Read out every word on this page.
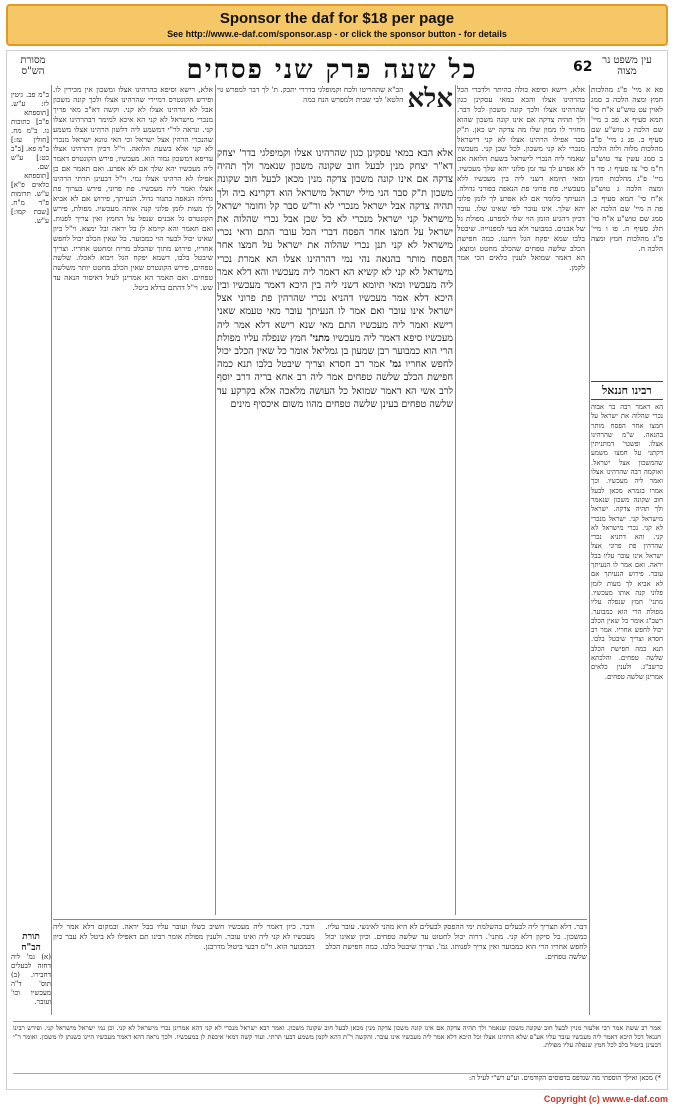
Sponsor the daf for $18 per page
See http://www.e-daf.com/sponsor.asp - or click the sponsor button - for details
מסורת הש"ס	כל שעה פרק שני פסחים	62 עין משפט נר מצוה
פא א מיי' פ"ג מהלכות חמץ ומצה הלכה ב סמג לאוין עט טוש"ע א"ח סי' תמא סעיף א. פב ב מיי' שם הלכה ג טוש"ע שם סעיף ב. פג ג מיי' פ"ב מהלכות מלוה ולוה הלכה ב סמג עשין צד טוש"ע ח"מ סי' צז סעיף ו. פד ד מיי' פ"ג מהלכות חמץ ומצה הלכה ג טוש"ע א"ח סי' תמא סעיף ב. פה ה מיי' שם הלכה יא סמג שם טוש"ע א"ח סי' תלג סעיף ח. פו ו מיי' פ"ג מהלכות חמץ ומצה הלכה ח.
רבינו חננאל
הא דאמר רבה בר אבוה נכרי שהלוה את ישראל על חמצו אחר הפסח מותר בהנאה. ש"מ שהרהינו אצלו. ופשטי' דמתניתין דקתני על חמצו משמע שהמשכון אצל ישראל. ואוקמה רבה שהרהינו אצלו ואמר ליה מעכשיו. וכך אמרו בגמרא מכאן לבעל חוב שקונה משכון שנאמר ולך תהיה צדקה. ישראל מישראל קני. ישראל מנכרי לא קני. נכרי מישראל לא קני. והא דתניא נכרי שהרהין פת פרוני אצל ישראל אינו עובר עליו בבל יראה. ואם אמר לו הנעיתך עובר. פירוש הנעיתך אם לא אביא לך מעות לזמן פלוני קנה אותו מעכשיו. מתני' חמץ שנפלה עליו מפולת הרי הוא כמבוער. רשב"ג אומר כל שאין הכלב יכול לחפש אחריו. אמר רב חסדא וצריך שיבטל בלבו. תנא כמה חפישת הכלב שלשה טפחים. והלכתא כרשב"ג. ולענין כלאים אמרינן שלשה טפחים.
אלא, רישא וסיפא כולה בהיתר ולדברי הכל בהרהינו אצלו והכא במאי עסקינן כגון שהרהינו אצלו ולכך קונה משכון לכל דבר. ולך תהיה צדקה אם אינו קונה משכון שהוא מחזיר לו ממון שלו מה צדקה יש כאן. ת"ק סבר אפילו הרהינו אצלו לא קני דישראל מנכרי לא קני משכון. לכל שכן קני. מעכשיו שאמר ליה הנכרי לישראל בשעת הלואה אם לא אפרע לך עד זמן פלוני יהא שלך מעכשיו. ומאי תיומא דשני ליה בין מעכשיו ללא מעכשיו. פת פרוני פת הנאפה בפורני גדולה. הנעיתך כלומר אם לא אפרע לך לזמן פלוני יהא שלך. אינו עובר לפי שאינו שלו. עובר דכיון דהגיע הזמן הוי שלו למפרע. מפולת גל של אבנים. כמבוער ולא בעי למפנוייה. שיבטל בלבו שמא יפקח הגל ויתננו. כמה חפישת הכלב שלשה טפחים שהכלב מחטט ומוצא. הא דאמר שמואל לענין כלאים הכי אמר לקמן.
אלא
הכ"א שההריטו ולכח וקמופלגי בדררי יתבק. ת' לך דבר למפרש גוי הלטא' לבי שבית ולמפרש הנח במה
אלא הבא במאי עסקינן כגון שהרהינו אצלו וקמיפלגי בדר' יצחק דא"ר יצחק מנין לבעל חוב שקונה משכון שנאמר ולך תהיה צדקה אם אינו קונה משכון צדקה מנין מכאן לבעל חוב שקונה משכון ת"ק סבר הני מילי ישראל מישראל הוא דקרינא ביה ולך תהיה צדקה אבל ישראל מנכרי לא ור"ש סבר קל וחומר ישראל מישראל קני ישראל מנכרי לא כל שכן אבל נכרי שהלוה את ישראל על חמצו אחר הפסח דברי הכל עובר התם ודאי נכרי מישראל לא קני תנן נכרי שהלוה את ישראל על חמצו אחר הפסח מותר בהנאה נהי נמי דהרהינו אצלו הא אמרת נכרי מישראל לא קני לא קשיא הא דאמר ליה מעכשיו והא דלא אמר ליה מעכשיו ומאי תיומא דשני ליה בין היכא דאמר מעכשיו ובין היכא דלא אמר מעכשיו דהניא נכרי שהרהין פת פרוני אצל ישראל אינו עובר ואם אמר לו הנעיתך עובר מאי טעמא שאני רישא ואמר ליה מעכשיו התם מאי שנא רישא דלא אמר ליה מעכשיו סיפא דאמר ליה מעכשיו מתני' חמץ שנפלה עליו מפולת הרי הוא כמבוער רבן שמעון בן גמליאל אומר כל שאין הכלב יכול לחפש אחריו גמ' אמר רב חסדא וצריך שיבטל בלבו תנא כמה חפישת הכלב שלשה טפחים אמר ליה רב אחא בריה דרב יוסף לרב אשי הא דאמר שמואל כל העושה מלאכה אלא בקרקע עד שלשה טפחים בעינן שלשה טפחים מהוו משום איכסיף מינים
אלא, רישא וסיפא בהרהינו אצלו ומשכון אין מכירין לו. ופירש הקונטרס דמיירי שהרהינו אצלו ולכך קונה משכון אבל לא הרהינו אצלו לא קני. וקשה דא"כ מאי פריך מנכרי מישראל לא קני הא איכא למימר דבהרהינו אצלו קני. ונראה לר"י דמשמע ליה דלשון הרהינו אצלו משמע שהנכרי הרהין אצל ישראל וכי האי גוונא ישראל מנכרי לא קני אלא בשעת הלואה. וי"ל דכיון דהרהינו אצלו עדיפא דמשכון גמור הוא. מעכשיו, פירש הקונטרס דאמר ליה מעכשיו יהא שלך אם לא אפרע. ואם תאמר אם כן אפילו לא הרהינו אצלו נמי. וי"ל דבעינן תרתי הרהינו אצלו ואמר ליה מעכשיו. פת פרוני, פירש בערוך פת גדולה הנאפה בתנור גדול. הנעיתך, פירוש אם לא אביא לך מעות לזמן פלוני קנה אותה מעכשיו. מפולת, פירש הקונטרס גל אבנים שנפל על החמץ ואין צריך לפנות. ואם תאמר והא קיימא לן בל יראה ובל ימצא. וי"ל כיון שאינו יכול לבער הוי כמבוער. כל שאין הכלב יכול לחפש אחריו, פירוש מתוך שהכלב מריח ומחטט אחריו. וצריך שיבטל בלבו, דשמא יפקח הגל ויבוא לאכלו. שלשה טפחים, פירש הקונטרס שאין הכלב מחטט יותר משלשה טפחים. ואם תאמר הא אמרינן לעיל דאיסור הנאה עד שש. וי"ל דהתם בדלא ביטל.
ב"מ פב. גיטין לז: ע"ש. [תוספתא פ"ב] כתובות נו. ב"מ מח. [חולין עז:] ב"מ פא. [ב"ב כט:] ע"ש שם. [תוספתא כלאים פ"א] ע"ש. תרומות פ"ד מ"ח. [שבת קמו:] ע"ש.
תורת הב"ח
(א) גמ' ליה דחזה לבעלים דחבירו. (ב) תוס' ד"ה מעכשיו וכו' ועובר.
ודבר. כיון דאמר ליה מעכשיו חשיב כשלו ועובר עליו בבל יראה. ובמקום דלא אמר ליה מעכשיו לא קני ליה ואינו עובר. ולענין מפולת אומר רבינו תם דאפילו לא ביטל לא עבר כיון דכמבוער הוא. וי"מ דבעי ביטול מדרבנן.
דבר. דלא תצריך ליה לבעלים בהשלמת ימי ההפסק לבעלים לא היא מהני לאינשי. עובר עליו. כמשכון. כל סיקון דלא קני. מתני'. דרוה יכול לחטוט עד שלשה טפחים. וכיון שאינו יכול לחפש אחריו הרי הוא כמבוער ואין צריך לפנותו. גמ'. וצריך שיבטל בלבו. כמה חפישת הכלב שלשה טפחים.
אמר רב ששת אמר רבי אלעזר מניין לבעל חוב שקונה משכון שנאמר ולך תהיה צדקה אם אינו קונה משכון צדקה מנין מכאן לבעל חוב שקונה משכון. ואמר רבא ישראל מנכרי לא קני דהא אמרינן נכרי מישראל לא קני. וכן נמי ישראל מישראל קני. ופירש רבינו חננאל דכל היכא דאמר ליה מעכשיו עובר עליו אע"פ שלא הרהינו אצלו וכל היכא דלא אמר ליה מעכשיו אינו עובר. והקשה ר"ת דהא לקמן משמע דבעי תרתי. ועוד קשה דמאי איכפת לן במעכשיו. ולכך נראה דהא דאמר מעכשיו היינו כשנתן לו משכון. ואומר ר"י דבעינן ביטול בלב לכל חמץ שנפלה עליו מפולת.
*) מכאן ואילך הוספתי מה שנדפס בדפוסים הקודמים. וע"ע רש"י לעיל ה:
Copyright (c) www.e-daf.com
